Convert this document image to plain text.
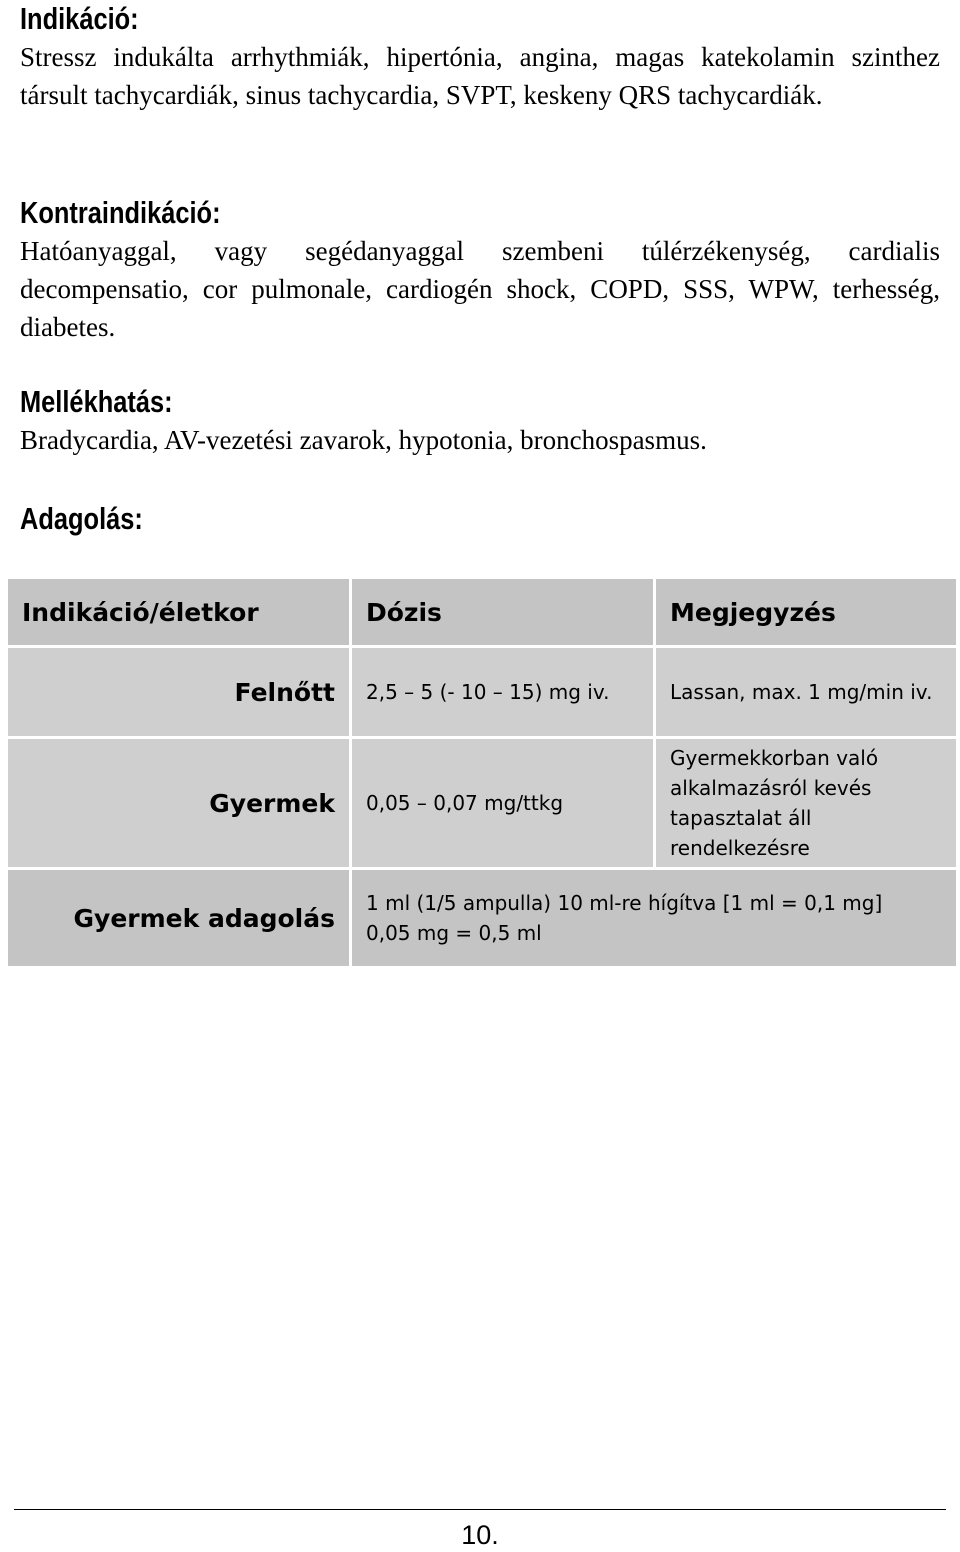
Indikáció:

Stressz indukálta arrhythmiák, hipertónia, angina, magas katekolamin szinthez társult tachycardiák, sinus tachycardia, SVPT, keskeny QRS tachycardiák.

Kontraindikáció:

Hatóanyaggal, vagy segédanyaggal szembeni túlérzékenység, cardialis decompensatio, cor pulmonale, cardiogén shock, COPD, SSS, WPW, terhesség, diabetes.

Mellékhatás:

Bradycardia, AV-vezetési zavarok, hypotonia, bronchospasmus.

Adagolás:
Indikáció/életkor	Dózis	Megjegyzés
Felnőtt	2,5 – 5 (- 10 – 15) mg iv.	Lassan, max. 1 mg/min iv.
Gyermek	0,05 – 0,07 mg/ttkg	Gyermekkorban való alkalmazásról kevés tapasztalat áll rendelkezésre
Gyermek adagolás	1 ml (1/5 ampulla) 10 ml-re hígítva [1 ml = 0,1 mg]
0,05 mg = 0,5 ml	
10.
